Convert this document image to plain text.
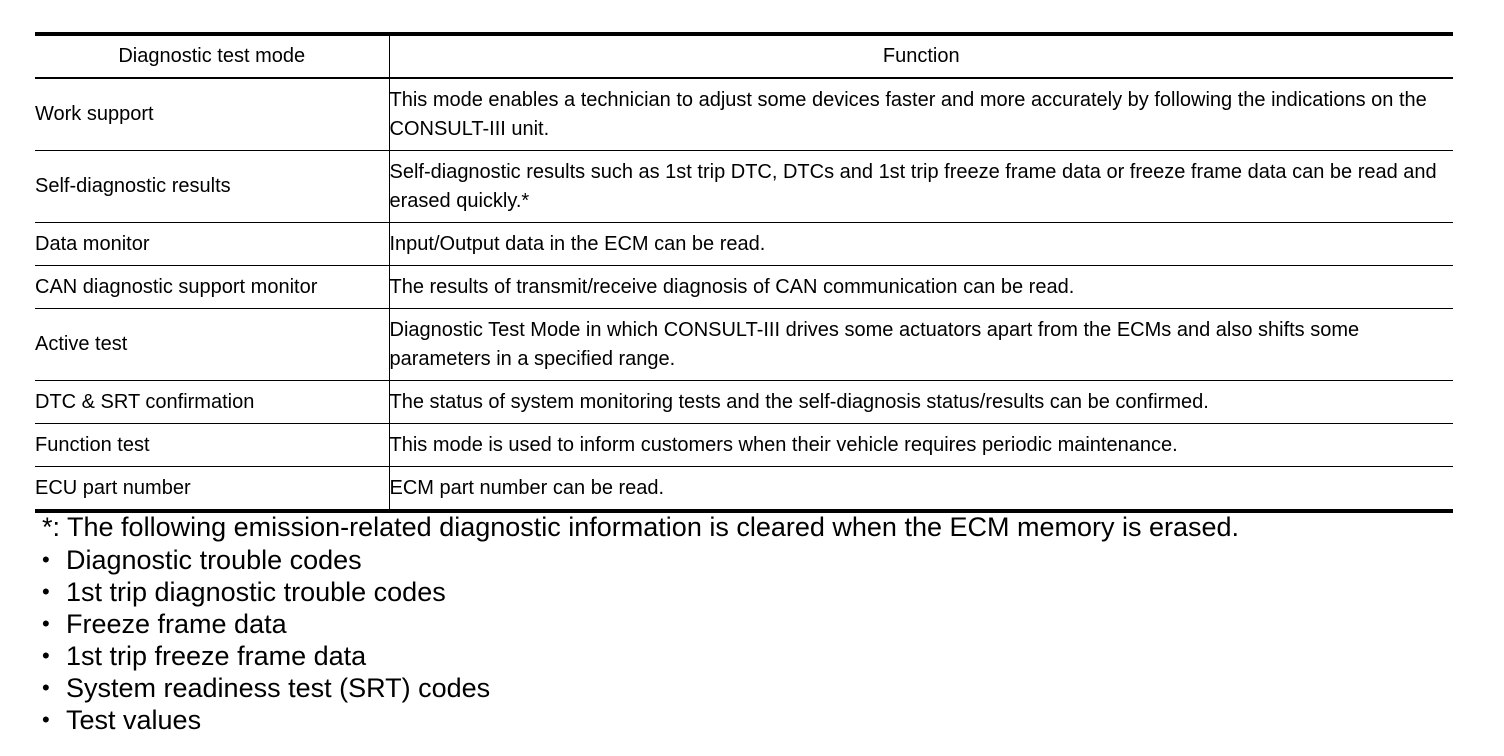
Diagnostic test mode	Function
Work support	This mode enables a technician to adjust some devices faster and more accurately by following the indications on the CONSULT-III unit.
Self-diagnostic results	Self-diagnostic results such as 1st trip DTC, DTCs and 1st trip freeze frame data or freeze frame data can be read and erased quickly.*
Data monitor	Input/Output data in the ECM can be read.
CAN diagnostic support monitor	The results of transmit/receive diagnosis of CAN communication can be read.
Active test	Diagnostic Test Mode in which CONSULT-III drives some actuators apart from the ECMs and also shifts some parameters in a specified range.
DTC & SRT confirmation	The status of system monitoring tests and the self-diagnosis status/results can be confirmed.
Function test	This mode is used to inform customers when their vehicle requires periodic maintenance.
ECU part number	ECM part number can be read.
*: The following emission-related diagnostic information is cleared when the ECM memory is erased.
• Diagnostic trouble codes
• 1st trip diagnostic trouble codes
• Freeze frame data
• 1st trip freeze frame data
• System readiness test (SRT) codes
• Test values
